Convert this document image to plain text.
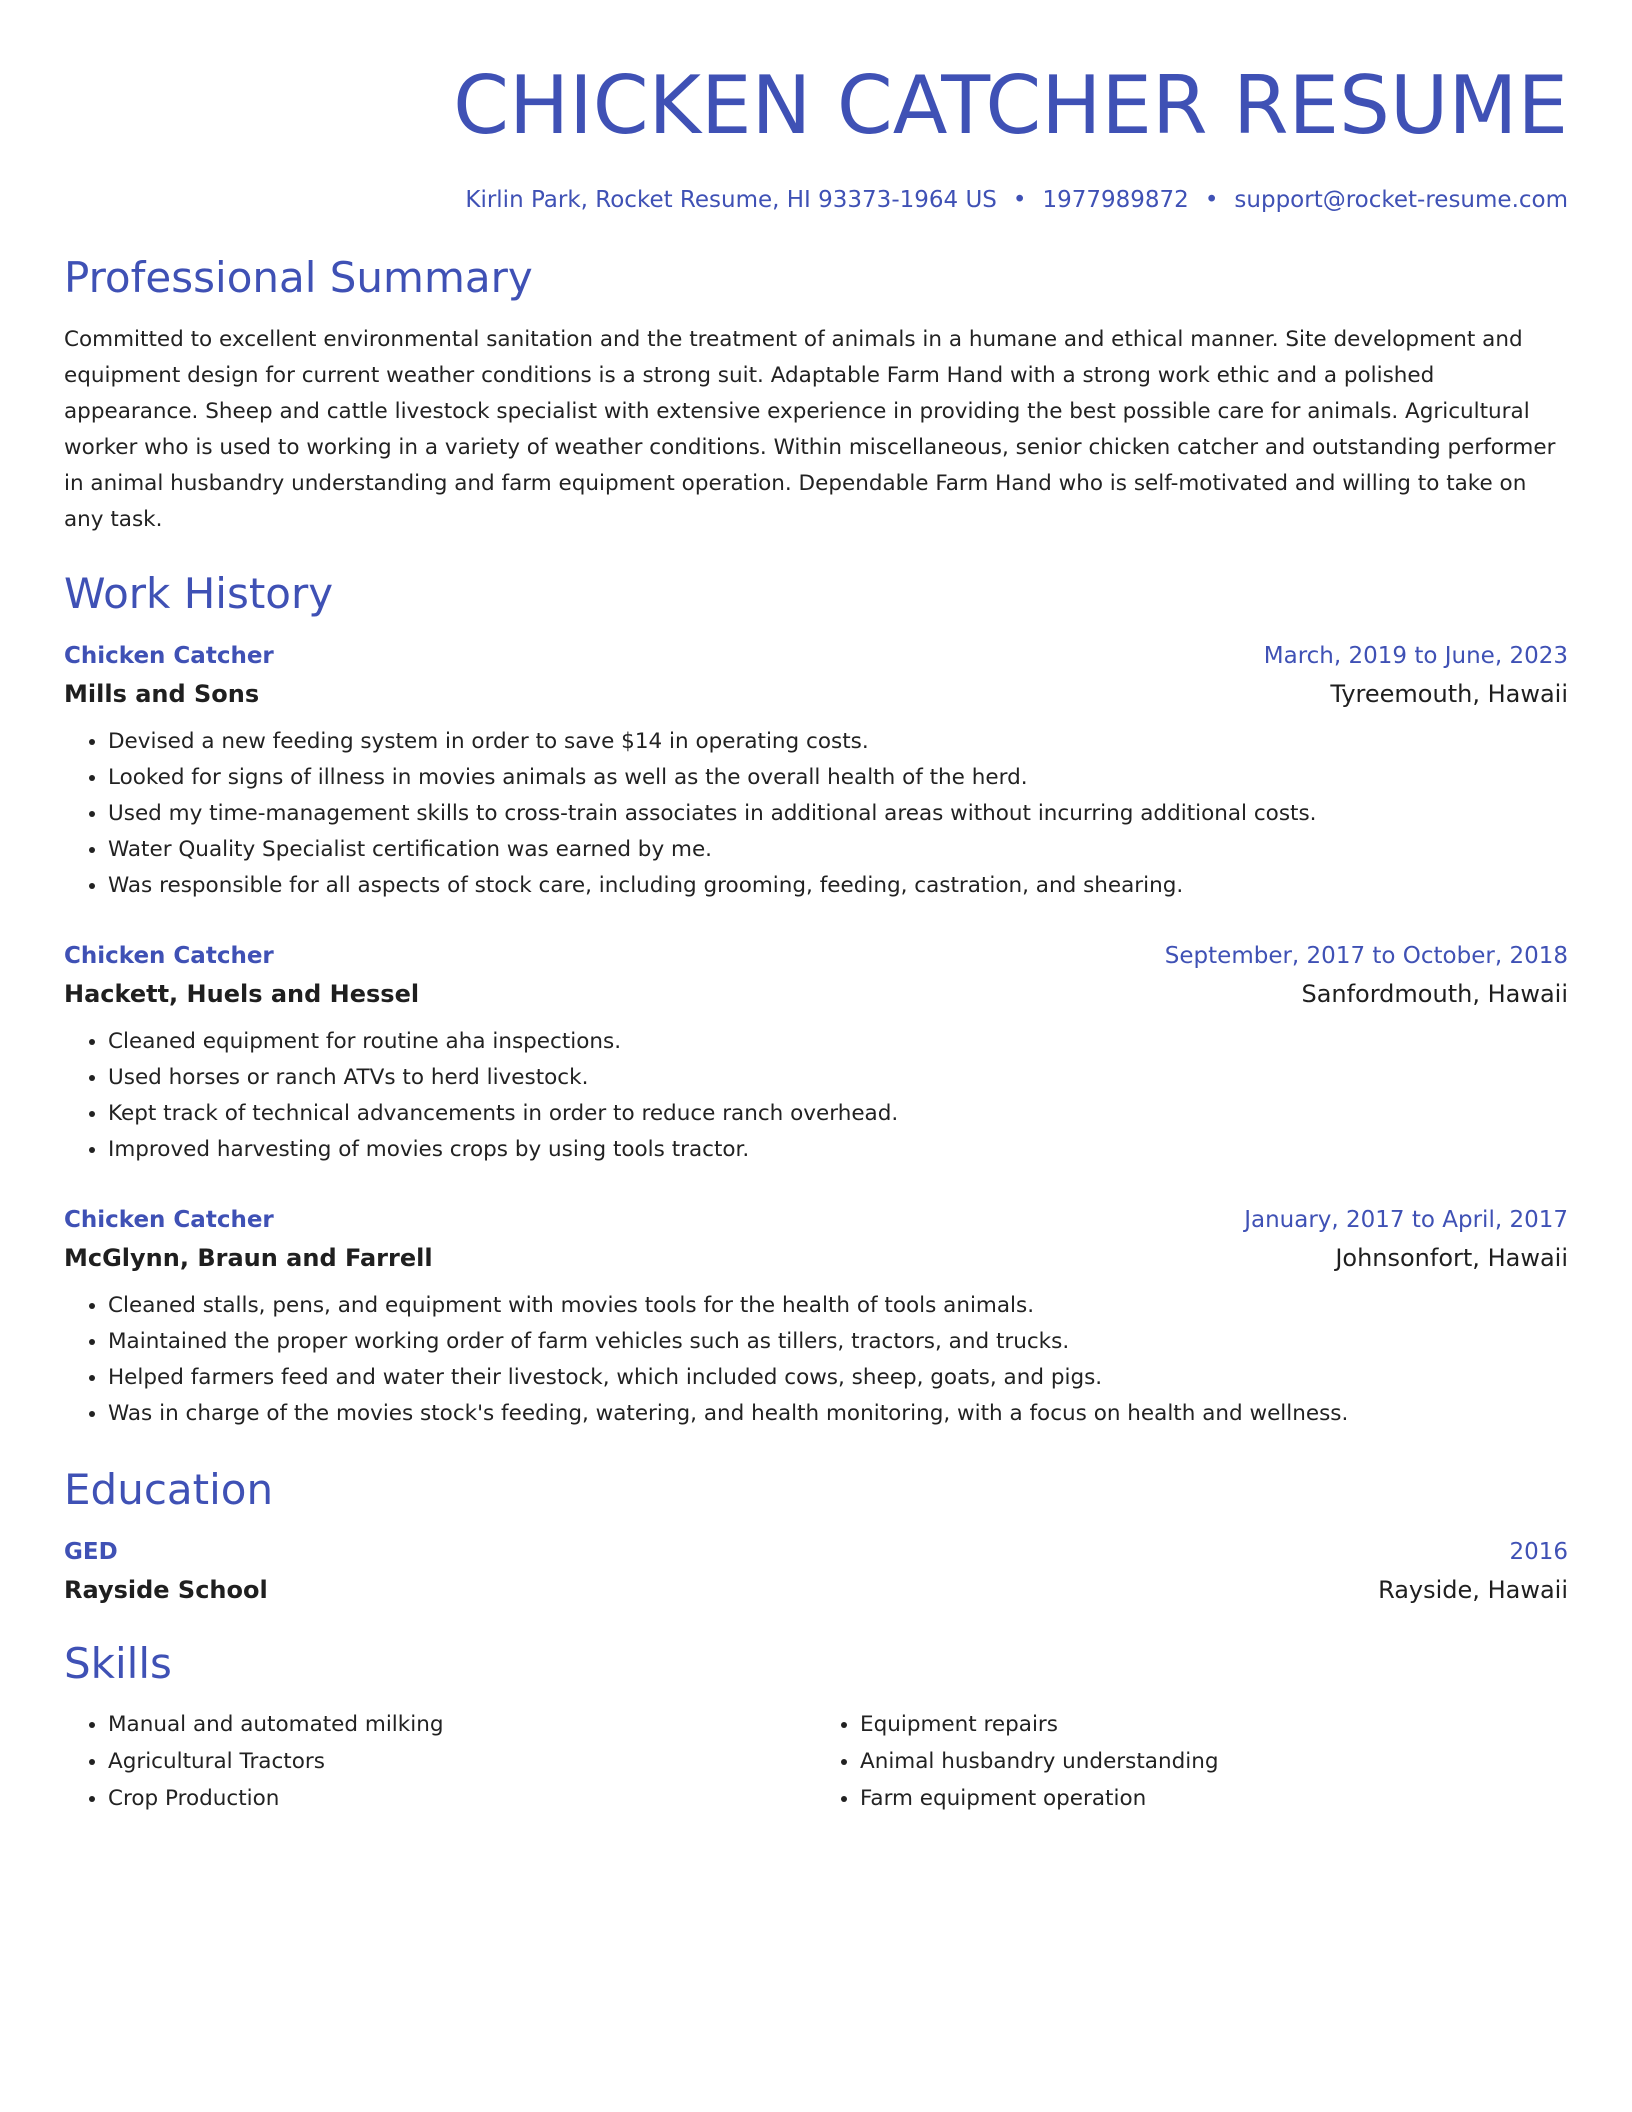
CHICKEN CATCHER RESUME
Kirlin Park, Rocket Resume, HI 93373-1964 US • 1977989872 • support@rocket-resume.com
Professional Summary
Committed to excellent environmental sanitation and the treatment of animals in a humane and ethical manner. Site development and equipment design for current weather conditions is a strong suit. Adaptable Farm Hand with a strong work ethic and a polished appearance. Sheep and cattle livestock specialist with extensive experience in providing the best possible care for animals. Agricultural worker who is used to working in a variety of weather conditions. Within miscellaneous, senior chicken catcher and outstanding performer in animal husbandry understanding and farm equipment operation. Dependable Farm Hand who is self-motivated and willing to take on any task.
Work History
Chicken Catcher	March, 2019 to June, 2023
Mills and Sons	Tyreemouth, Hawaii
• Devised a new feeding system in order to save $14 in operating costs.
• Looked for signs of illness in movies animals as well as the overall health of the herd.
• Used my time-management skills to cross-train associates in additional areas without incurring additional costs.
• Water Quality Specialist certification was earned by me.
• Was responsible for all aspects of stock care, including grooming, feeding, castration, and shearing.
Chicken Catcher	September, 2017 to October, 2018
Hackett, Huels and Hessel	Sanfordmouth, Hawaii
• Cleaned equipment for routine aha inspections.
• Used horses or ranch ATVs to herd livestock.
• Kept track of technical advancements in order to reduce ranch overhead.
• Improved harvesting of movies crops by using tools tractor.
Chicken Catcher	January, 2017 to April, 2017
McGlynn, Braun and Farrell	Johnsonfort, Hawaii
• Cleaned stalls, pens, and equipment with movies tools for the health of tools animals.
• Maintained the proper working order of farm vehicles such as tillers, tractors, and trucks.
• Helped farmers feed and water their livestock, which included cows, sheep, goats, and pigs.
• Was in charge of the movies stock's feeding, watering, and health monitoring, with a focus on health and wellness.
Education
GED	2016
Rayside School	Rayside, Hawaii
Skills
• Manual and automated milking
• Agricultural Tractors
• Crop Production
• Equipment repairs
• Animal husbandry understanding
• Farm equipment operation
